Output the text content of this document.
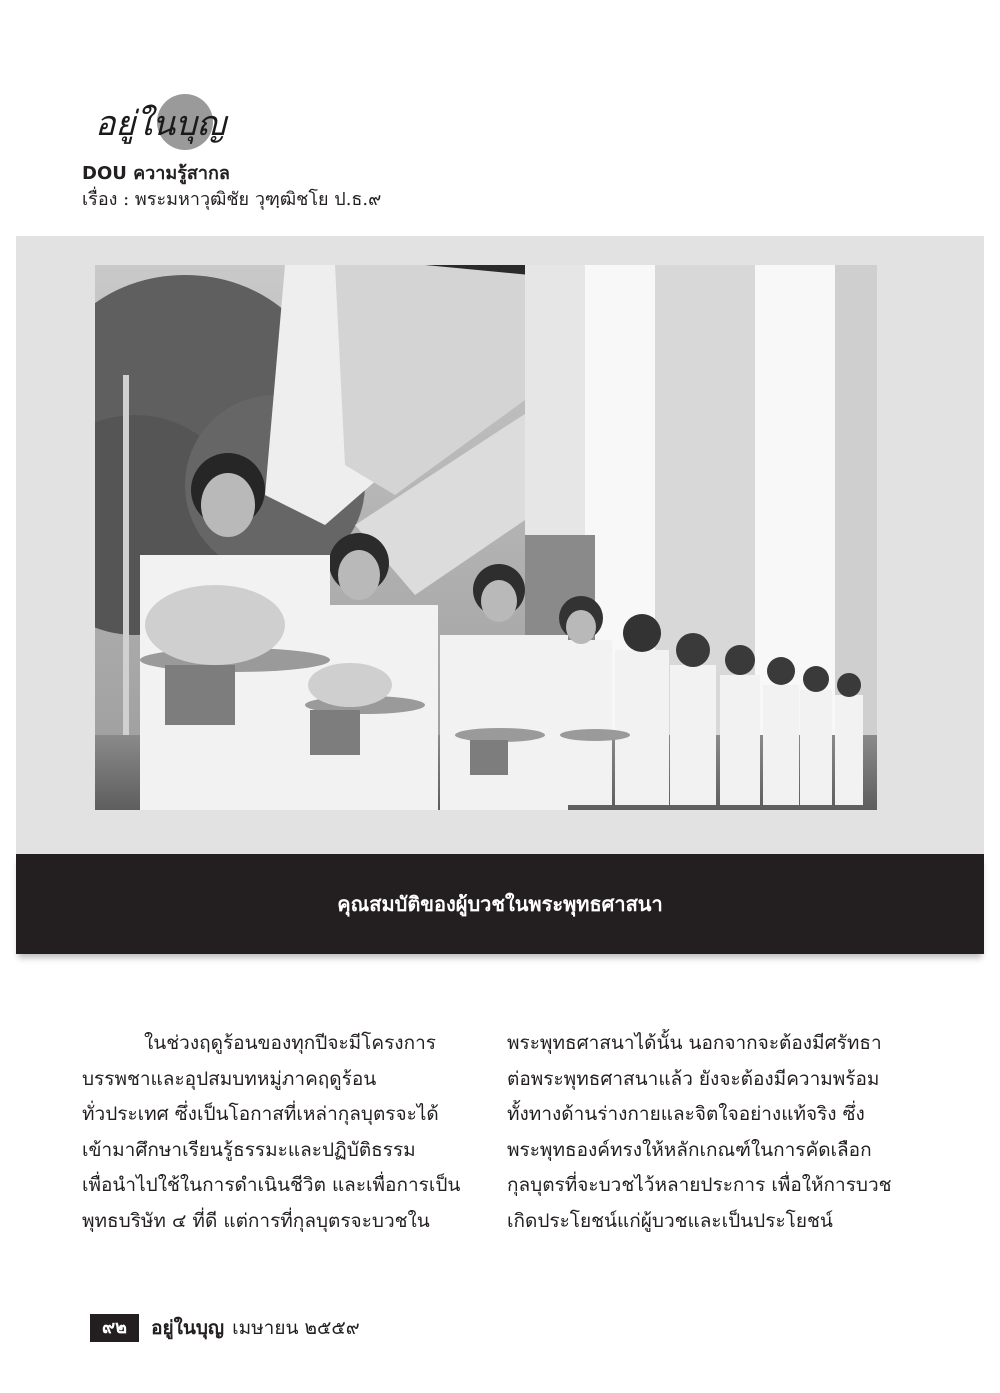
อยู่ในบุญ
DOU ความรู้สากล
เรื่อง : พระมหาวุฒิชัย วุฑฺฒิชโย ป.ธ.๙
คุณสมบัติของผู้บวชในพระพุทธศาสนา
ในช่วงฤดูร้อนของทุกปีจะมีโครงการ
บรรพชาและอุปสมบทหมู่ภาคฤดูร้อน
ทั่วประเทศ ซึ่งเป็นโอกาสที่เหล่ากุลบุตรจะได้
เข้ามาศึกษาเรียนรู้ธรรมะและปฏิบัติธรรม
เพื่อนำไปใช้ในการดำเนินชีวิต และเพื่อการเป็น
พุทธบริษัท ๔ ที่ดี แต่การที่กุลบุตรจะบวชใน
พระพุทธศาสนาได้นั้น นอกจากจะต้องมีศรัทธา
ต่อพระพุทธศาสนาแล้ว ยังจะต้องมีความพร้อม
ทั้งทางด้านร่างกายและจิตใจอย่างแท้จริง ซึ่ง
พระพุทธองค์ทรงให้หลักเกณฑ์ในการคัดเลือก
กุลบุตรที่จะบวชไว้หลายประการ เพื่อให้การบวช
เกิดประโยชน์แก่ผู้บวชและเป็นประโยชน์
๙๒	อยู่ในบุญ เมษายน ๒๕๕๙
